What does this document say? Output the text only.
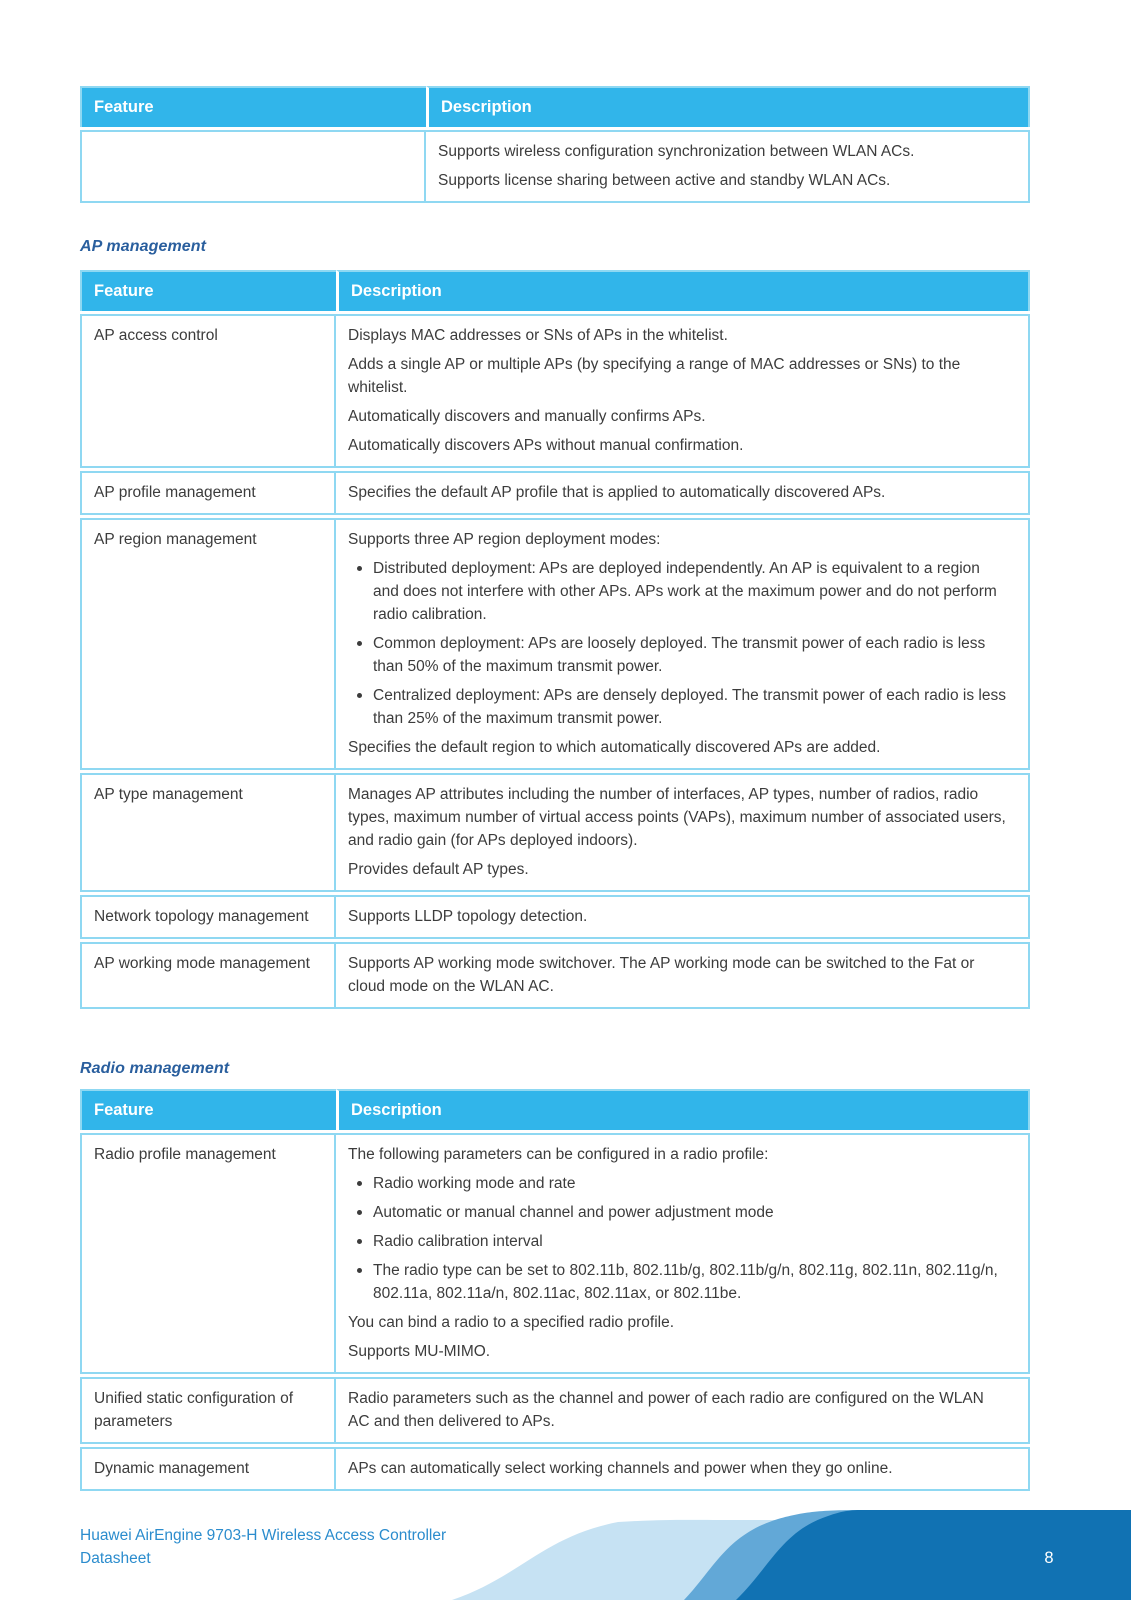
Feature	Description

	Supports wireless configuration synchronization between WLAN ACs.

Supports license sharing between active and standby WLAN ACs.

AP management
Feature	Description
AP access control	Displays MAC addresses or SNs of APs in the whitelist.

Adds a single AP or multiple APs (by specifying a range of MAC addresses or SNs) to the whitelist.

Automatically discovers and manually confirms APs.

Automatically discovers APs without manual confirmation.

AP profile management	Specifies the default AP profile that is applied to automatically discovered APs.

AP region management	Supports three AP region deployment modes:

Distributed deployment: APs are deployed independently. An AP is equivalent to a region and does not interfere with other APs. APs work at the maximum power and do not perform radio calibration.
Common deployment: APs are loosely deployed. The transmit power of each radio is less than 50% of the maximum transmit power.
Centralized deployment: APs are densely deployed. The transmit power of each radio is less than 25% of the maximum transmit power.

Specifies the default region to which automatically discovered APs are added.

AP type management	Manages AP attributes including the number of interfaces, AP types, number of radios, radio types, maximum number of virtual access points (VAPs), maximum number of associated users, and radio gain (for APs deployed indoors).

Provides default AP types.

Network topology management	Supports LLDP topology detection.

AP working mode management	Supports AP working mode switchover. The AP working mode can be switched to the Fat or cloud mode on the WLAN AC.

Radio management
Feature	Description
Radio profile management	The following parameters can be configured in a radio profile:

Radio working mode and rate
Automatic or manual channel and power adjustment mode
Radio calibration interval
The radio type can be set to 802.11b, 802.11b/g, 802.11b/g/n, 802.11g, 802.11n, 802.11g/n, 802.11a, 802.11a/n, 802.11ac, 802.11ax, or 802.11be.

You can bind a radio to a specified radio profile.

Supports MU-MIMO.

Unified static configuration of parameters	Radio parameters such as the channel and power of each radio are configured on the WLAN AC and then delivered to APs.

Dynamic management	APs can automatically select working channels and power when they go online.

Huawei AirEngine 9703-H Wireless Access Controller
Datasheet	8
